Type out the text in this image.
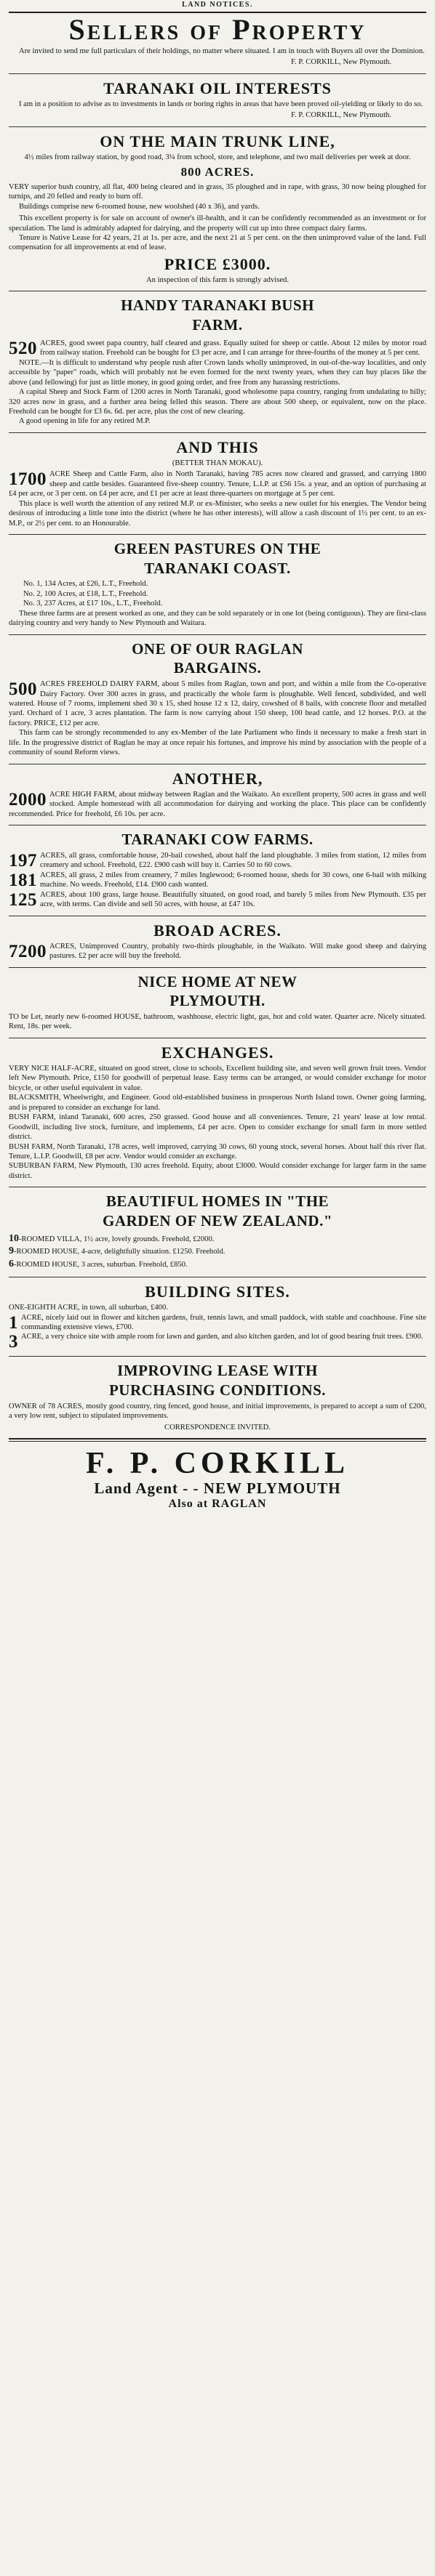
LAND NOTICES.
Sellers of Property

Are invited to send me full particulars of their holdings, no matter where situated. I am in touch with Buyers all over the Dominion.

F. P. CORKILL, New Plymouth.
TARANAKI OIL INTERESTS

I am in a position to advise as to investments in lands or boring rights in areas that have been proved oil-yielding or likely to do so.

F. P. CORKILL, New Plymouth.
ON THE MAIN TRUNK LINE,

4½ miles from railway station, by good road, 3¼ from school, store, and telephone, and two mail deliveries per week at door.

800 ACRES.

VERY superior bush country, all flat, 400 being cleared and in grass, 35 ploughed and in rape, with grass, 30 now being ploughed for turnips, and 20 felled and ready to burn off.

Buildings comprise new 6-roomed house, new woolshed (40 x 36), and yards.

This excellent property is for sale on account of owner's ill-health, and it can be confidently recommended as an investment or for speculation. The land is admirably adapted for dairying, and the property will cut up into three compact dairy farms.

Tenure is Native Lease for 42 years, 21 at 1s. per acre, and the next 21 at 5 per cent. on the then unimproved value of the land. Full compensation for all improvements at end of lease.

PRICE £3000.

An inspection of this farm is strongly advised.

HANDY TARANAKI BUSH
FARM.
520 ACRES, good sweet papa country, half cleared and grass. Equally suited for sheep or cattle. About 12 miles by motor road from railway station. Freehold can be bought for £3 per acre, and I can arrange for three-fourths of the money at 5 per cent.

NOTE.—It is difficult to understand why people rush after Crown lands wholly unimproved, in out-of-the-way localities, and only accessible by "paper" roads, which will probably not be even formed for the next twenty years, when they can buy places like the above (and fellowing) for just as little money, in good going order, and free from any harassing restrictions.

A capital Sheep and Stock Farm of 1200 acres in North Taranaki, good wholesome papa country, ranging from undulating to hilly; 320 acres now in grass, and a further area being felled this season. There are about 500 sheep, or equivalent, now on the place. Freehold can be bought for £3 6s. 6d. per acre, plus the cost of new clearing.

A good opening in life for any retired M.P.

AND THIS
(BETTER THAN MOKAU).
1700 ACRE Sheep and Cattle Farm, also in North Taranaki, having 785 acres now cleared and grassed, and carrying 1800 sheep and cattle besides. Guaranteed five-sheep country. Tenure, L.I.P. at £56 15s. a year, and an option of purchasing at £4 per acre, or 3 per cent. on £4 per acre, and £1 per acre at least three-quarters on mortgage at 5 per cent.

This place is well worth the attention of any retired M.P. or ex-Minister, who seeks a new outlet for his energies. The Vendor being desirous of introducing a little tone into the district (where he has other interests), will allow a cash discount of 1½ per cent. to an ex-M.P., or 2½ per cent. to an Honourable.

GREEN PASTURES ON THE
TARANAKI COAST.

No. 1, 134 Acres, at £26, L.T., Freehold.

No. 2, 100 Acres, at £18, L.T., Freehold.

No. 3, 237 Acres, at £17 10s., L.T., Freehold.

These three farms are at present worked as one, and they can be sold separately or in one lot (being contiguous). They are first-class dairying country and very handy to New Plymouth and Waitara.

ONE OF OUR RAGLAN
BARGAINS.
500 ACRES FREEHOLD DAIRY FARM, about 5 miles from Raglan, town and port, and within a mile from the Co-operative Dairy Factory. Over 300 acres in grass, and practically the whole farm is ploughable. Well fenced, subdivided, and well watered. House of 7 rooms, implement shed 30 x 15, shed house 12 x 12, dairy, cowshed of 8 bails, with concrete floor and metalled yard. Orchard of 1 acre, 3 acres plantation. The farm is now carrying about 150 sheep, 100 head cattle, and 12 horses. P.O. at the factory. PRICE, £12 per acre.

This farm can be strongly recommended to any ex-Member of the late Parliament who finds it necessary to make a fresh start in life. In the progressive district of Raglan he may at once repair his fortunes, and improve his mind by association with the people of a community of sound Reform views.

ANOTHER,
2000 ACRE HIGH FARM, about midway between Raglan and the Waikato. An excellent property, 500 acres in grass and well stocked. Ample homestead with all accommodation for dairying and working the place. This place can be confidently recommended. Price for freehold, £6 10s. per acre.

TARANAKI COW FARMS.
197 ACRES, all grass, comfortable house, 20-bail cowshed, about half the land ploughable. 3 miles from station, 12 miles from creamery and school. Freehold, £22. £900 cash will buy it. Carries 50 to 60 cows.

181 ACRES, all grass, 2 miles from creamery, 7 miles Inglewood; 6-roomed house, sheds for 30 cows, one 6-bail with milking machine. No weeds. Freehold, £14. £900 cash wanted.

125 ACRES, about 100 grass, large house. Beautifully situated, on good road, and barely 5 miles from New Plymouth. £35 per acre, with terms. Can divide and sell 50 acres, with house, at £47 10s.

BROAD ACRES.
7200 ACRES, Unimproved Country, probably two-thirds ploughable, in the Waikato. Will make good sheep and dairying pastures. £2 per acre will buy the freehold.

NICE HOME AT NEW
PLYMOUTH.

TO be Let, nearly new 6-roomed HOUSE, bathroom, washhouse, electric light, gas, hot and cold water. Quarter acre. Nicely situated. Rent, 18s. per week.

EXCHANGES.

VERY NICE HALF-ACRE, situated on good street, close to schools, Excellent building site, and seven well grown fruit trees. Vendor left New Plymouth. Price, £150 for goodwill of perpetual lease. Easy terms can be arranged, or would consider exchange for motor bicycle, or other useful equivalent in value.

BLACKSMITH, Wheelwright, and Engineer. Good old-established business in prosperous North Island town. Owner going farming, and is prepared to consider an exchange for land.

BUSH FARM, inland Taranaki, 600 acres, 250 grassed. Good house and all conveniences. Tenure, 21 years' lease at low rental. Goodwill, including live stock, furniture, and implements, £4 per acre. Open to consider exchange for small farm in more settled district.

BUSH FARM, North Taranaki, 178 acres, well improved, carrying 30 cows, 60 young stock, several horses. About half this river flat. Tenure, L.I.P. Goodwill, £8 per acre. Vendor would consider an exchange.

SUBURBAN FARM, New Plymouth, 130 acres freehold. Equity, about £3000. Would consider exchange for larger farm in the same district.

BEAUTIFUL HOMES IN "THE
GARDEN OF NEW ZEALAND."

10-ROOMED VILLA, 1½ acre, lovely grounds. Freehold, £2000.

9-ROOMED HOUSE, 4-acre, delightfully situation. £1250. Freehold.

6-ROOMED HOUSE, 3 acres, suburban. Freehold, £850.

BUILDING SITES.

ONE-EIGHTH ACRE, in town, all suburban, £400.

1 ACRE, nicely laid out in flower and kitchen gardens, fruit, tennis lawn, and small paddock, with stable and coachhouse. Fine site commanding extensive views, £700.

3 ACRE, a very choice site with ample room for lawn and garden, and also kitchen garden, and lot of good bearing fruit trees. £900.

IMPROVING LEASE WITH
PURCHASING CONDITIONS.

OWNER of 78 ACRES, mostly good country, ring fenced, good house, and initial improvements, is prepared to accept a sum of £200, a very low rent, subject to stipulated improvements.

CORRESPONDENCE INVITED.
F. P. CORKILL
Land Agent - - NEW PLYMOUTH
Also at RAGLAN
